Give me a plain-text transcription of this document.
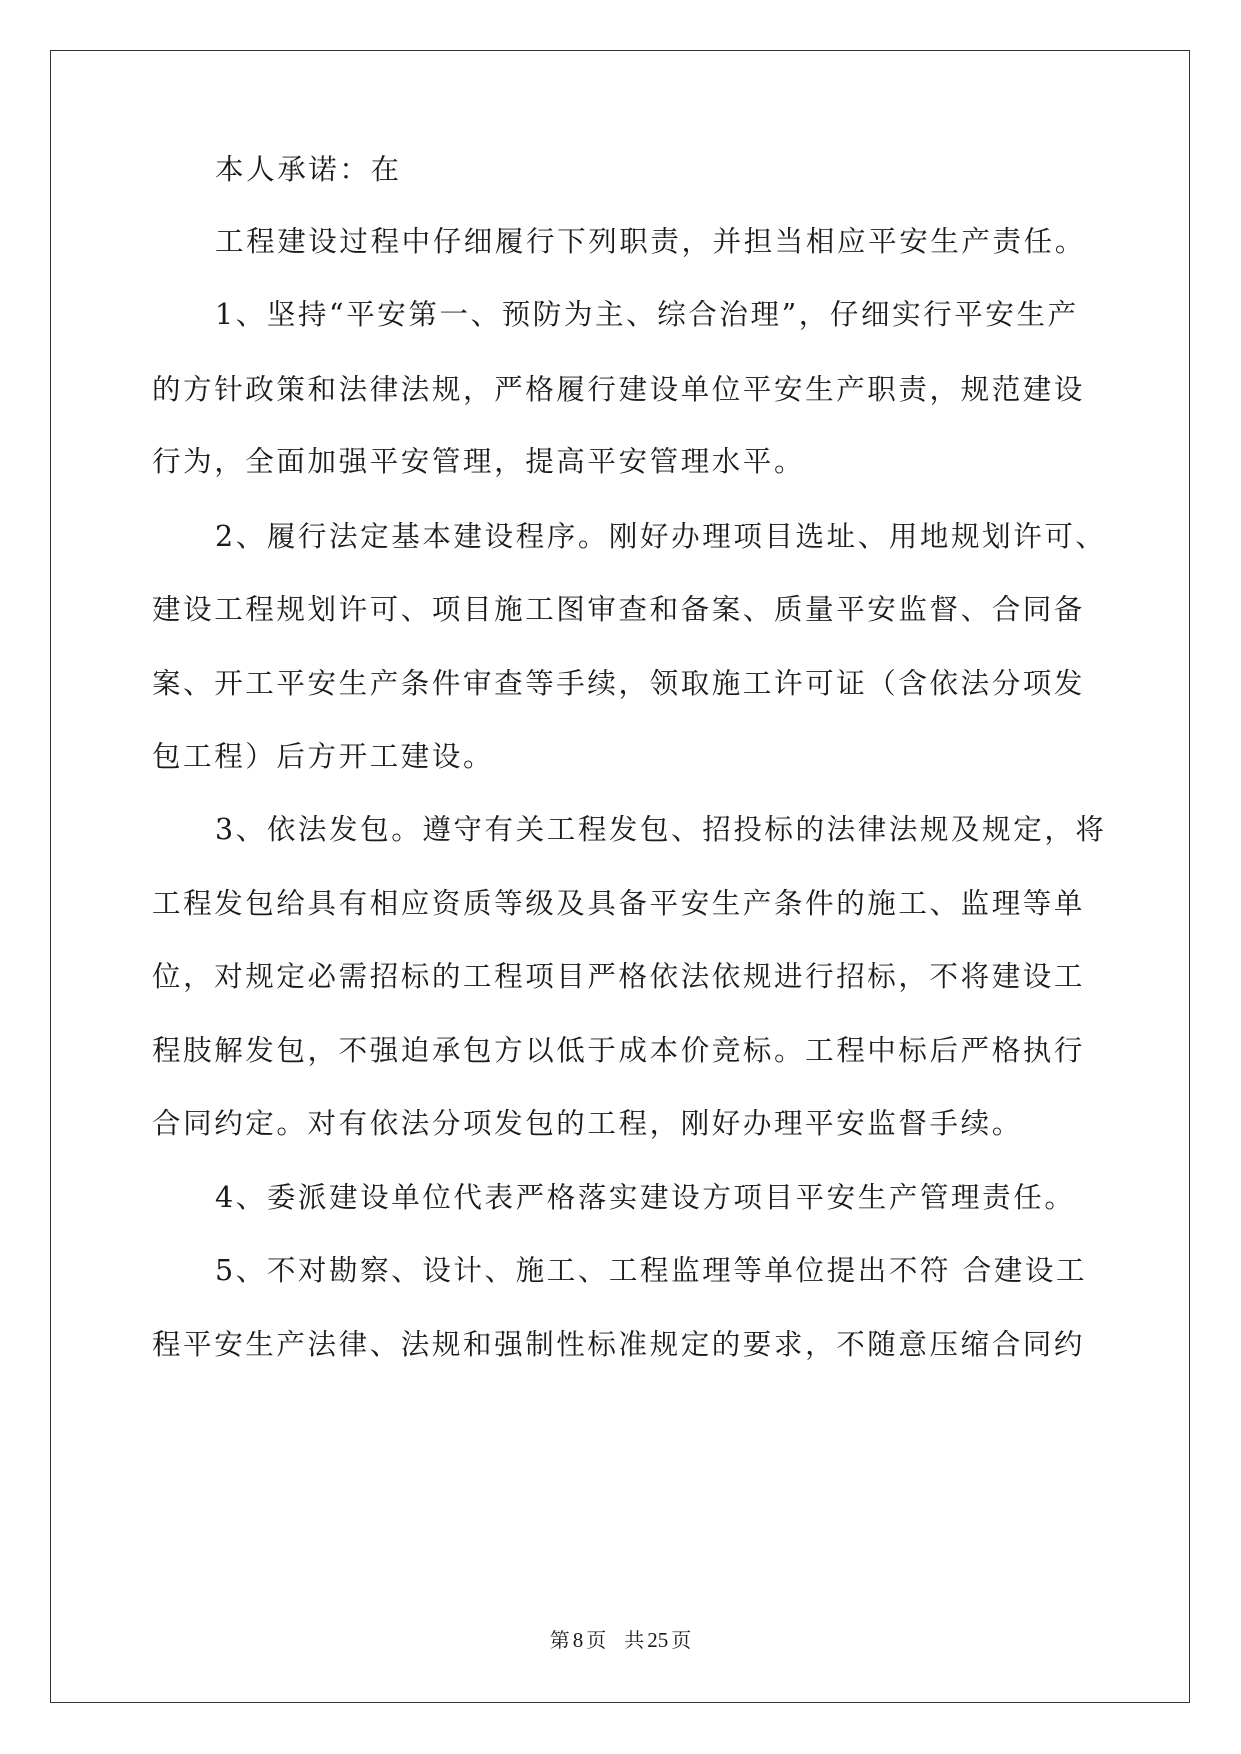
本人承诺：在
工程建设过程中仔细履行下列职责，并担当相应平安生产责任。
1、坚持“平安第一、预防为主、综合治理”，仔细实行平安生产
的方针政策和法律法规，严格履行建设单位平安生产职责，规范建设
行为，全面加强平安管理，提高平安管理水平。
2、履行法定基本建设程序。刚好办理项目选址、用地规划许可、
建设工程规划许可、项目施工图审查和备案、质量平安监督、合同备
案、开工平安生产条件审查等手续，领取施工许可证（含依法分项发
包工程）后方开工建设。
3、依法发包。遵守有关工程发包、招投标的法律法规及规定，将
工程发包给具有相应资质等级及具备平安生产条件的施工、监理等单
位，对规定必需招标的工程项目严格依法依规进行招标，不将建设工
程肢解发包，不强迫承包方以低于成本价竞标。工程中标后严格执行
合同约定。对有依法分项发包的工程，刚好办理平安监督手续。
4、委派建设单位代表严格落实建设方项目平安生产管理责任。
5、不对勘察、设计、施工、工程监理等单位提出不符 合建设工
程平安生产法律、法规和强制性标准规定的要求，不随意压缩合同约
第 8 页 共 25 页
